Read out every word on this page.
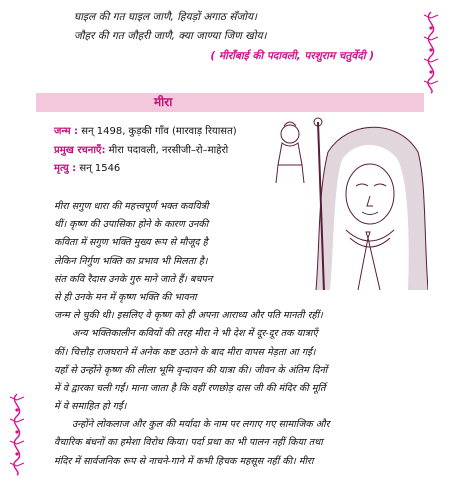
घाइल की गत घाइल जाणै, हियड़ों अगाठ सँजोय।
जौहर की गत जौहरी जाणै, क्या जाण्या जिण खोय।
( मीराँबाई की पदावली, परशुराम चतुर्वेदी )
मीरा
जन्म : सन् 1498, कुड़की गाँव (मारवाड़ रियासत)
प्रमुख रचनाएँ: मीरा पदावली, नरसीजी–रो–माहेरो
मृत्यु : सन् 1546
मीरा सगुण धारा की महत्त्वपूर्ण भक्त कवयित्री
थीं। कृष्ण की उपासिका होने के कारण उनकी
कविता में सगुण भक्ति मुख्य रूप से मौजूद है
लेकिन निर्गुण भक्ति का प्रभाव भी मिलता है।
संत कवि रैदास उनके गुरु माने जाते हैं। बचपन
से ही उनके मन में कृष्ण भक्ति की भावना
जन्म ले चुकी थी। इसलिए वे कृष्ण को ही अपना आराध्य और पति मानती रहीं।
अन्य भक्तिकालीन कवियों की तरह मीरा ने भी देश में दूर-दूर तक यात्राएँ
कीं। चित्तौड़ राजघराने में अनेक कष्ट उठाने के बाद मीरा वापस मेड़ता आ गईं।
यहाँ से उन्होंने कृष्ण की लीला भूमि वृन्दावन की यात्रा की। जीवन के अंतिम दिनों
में वे द्वारका चली गईं। माना जाता है कि वहीं रणछोड़ दास जी की मंदिर की मूर्ति
में वे समाहित हो गईं।
उन्होंने लोकलाज और कुल की मर्यादा के नाम पर लगाए गए सामाजिक और
वैचारिक बंधनों का हमेशा विरोध किया। पर्दा प्रथा का भी पालन नहीं किया तथा
मंदिर में सार्वजनिक रूप से नाचने-गाने में कभी हिचक महसूस नहीं की। मीरा
